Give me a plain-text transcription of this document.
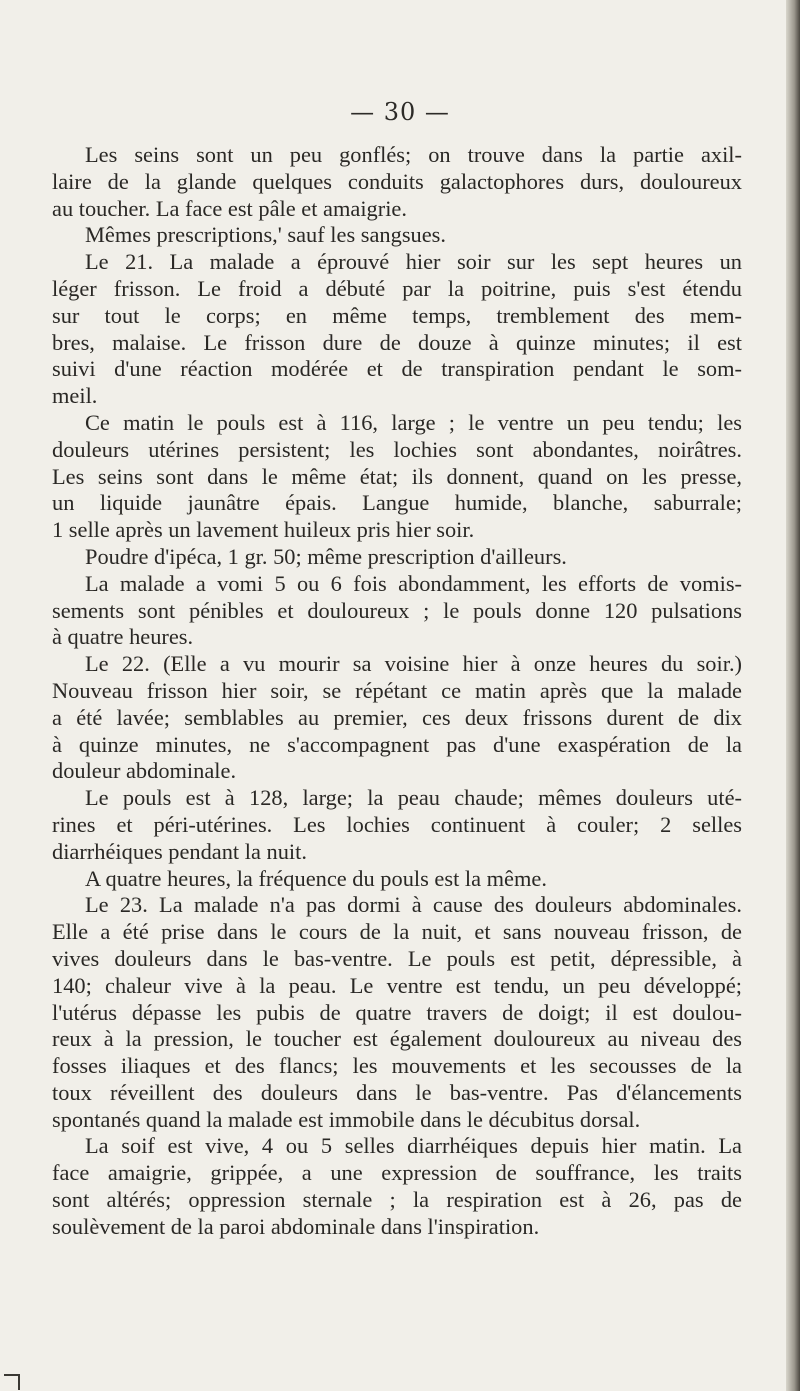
— 30 —
Les seins sont un peu gonflés; on trouve dans la partie axil-
laire de la glande quelques conduits galactophores durs, douloureux
au toucher. La face est pâle et amaigrie.
Mêmes prescriptions,' sauf les sangsues.
Le 21. La malade a éprouvé hier soir sur les sept heures un
léger frisson. Le froid a débuté par la poitrine, puis s'est étendu
sur tout le corps; en même temps, tremblement des mem-
bres, malaise. Le frisson dure de douze à quinze minutes; il est
suivi d'une réaction modérée et de transpiration pendant le som-
meil.
Ce matin le pouls est à 116, large ; le ventre un peu tendu; les
douleurs utérines persistent; les lochies sont abondantes, noirâtres.
Les seins sont dans le même état; ils donnent, quand on les presse,
un liquide jaunâtre épais. Langue humide, blanche, saburrale;
1 selle après un lavement huileux pris hier soir.
Poudre d'ipéca, 1 gr. 50; même prescription d'ailleurs.
La malade a vomi 5 ou 6 fois abondamment, les efforts de vomis-
sements sont pénibles et douloureux ; le pouls donne 120 pulsations
à quatre heures.
Le 22. (Elle a vu mourir sa voisine hier à onze heures du soir.)
Nouveau frisson hier soir, se répétant ce matin après que la malade
a été lavée; semblables au premier, ces deux frissons durent de dix
à quinze minutes, ne s'accompagnent pas d'une exaspération de la
douleur abdominale.
Le pouls est à 128, large; la peau chaude; mêmes douleurs uté-
rines et péri-utérines. Les lochies continuent à couler; 2 selles
diarrhéiques pendant la nuit.
A quatre heures, la fréquence du pouls est la même.
Le 23. La malade n'a pas dormi à cause des douleurs abdominales.
Elle a été prise dans le cours de la nuit, et sans nouveau frisson, de
vives douleurs dans le bas-ventre. Le pouls est petit, dépressible, à
140; chaleur vive à la peau. Le ventre est tendu, un peu développé;
l'utérus dépasse les pubis de quatre travers de doigt; il est doulou-
reux à la pression, le toucher est également douloureux au niveau des
fosses iliaques et des flancs; les mouvements et les secousses de la
toux réveillent des douleurs dans le bas-ventre. Pas d'élancements
spontanés quand la malade est immobile dans le décubitus dorsal.
La soif est vive, 4 ou 5 selles diarrhéiques depuis hier matin. La
face amaigrie, grippée, a une expression de souffrance, les traits
sont altérés; oppression sternale ; la respiration est à 26, pas de
soulèvement de la paroi abdominale dans l'inspiration.
